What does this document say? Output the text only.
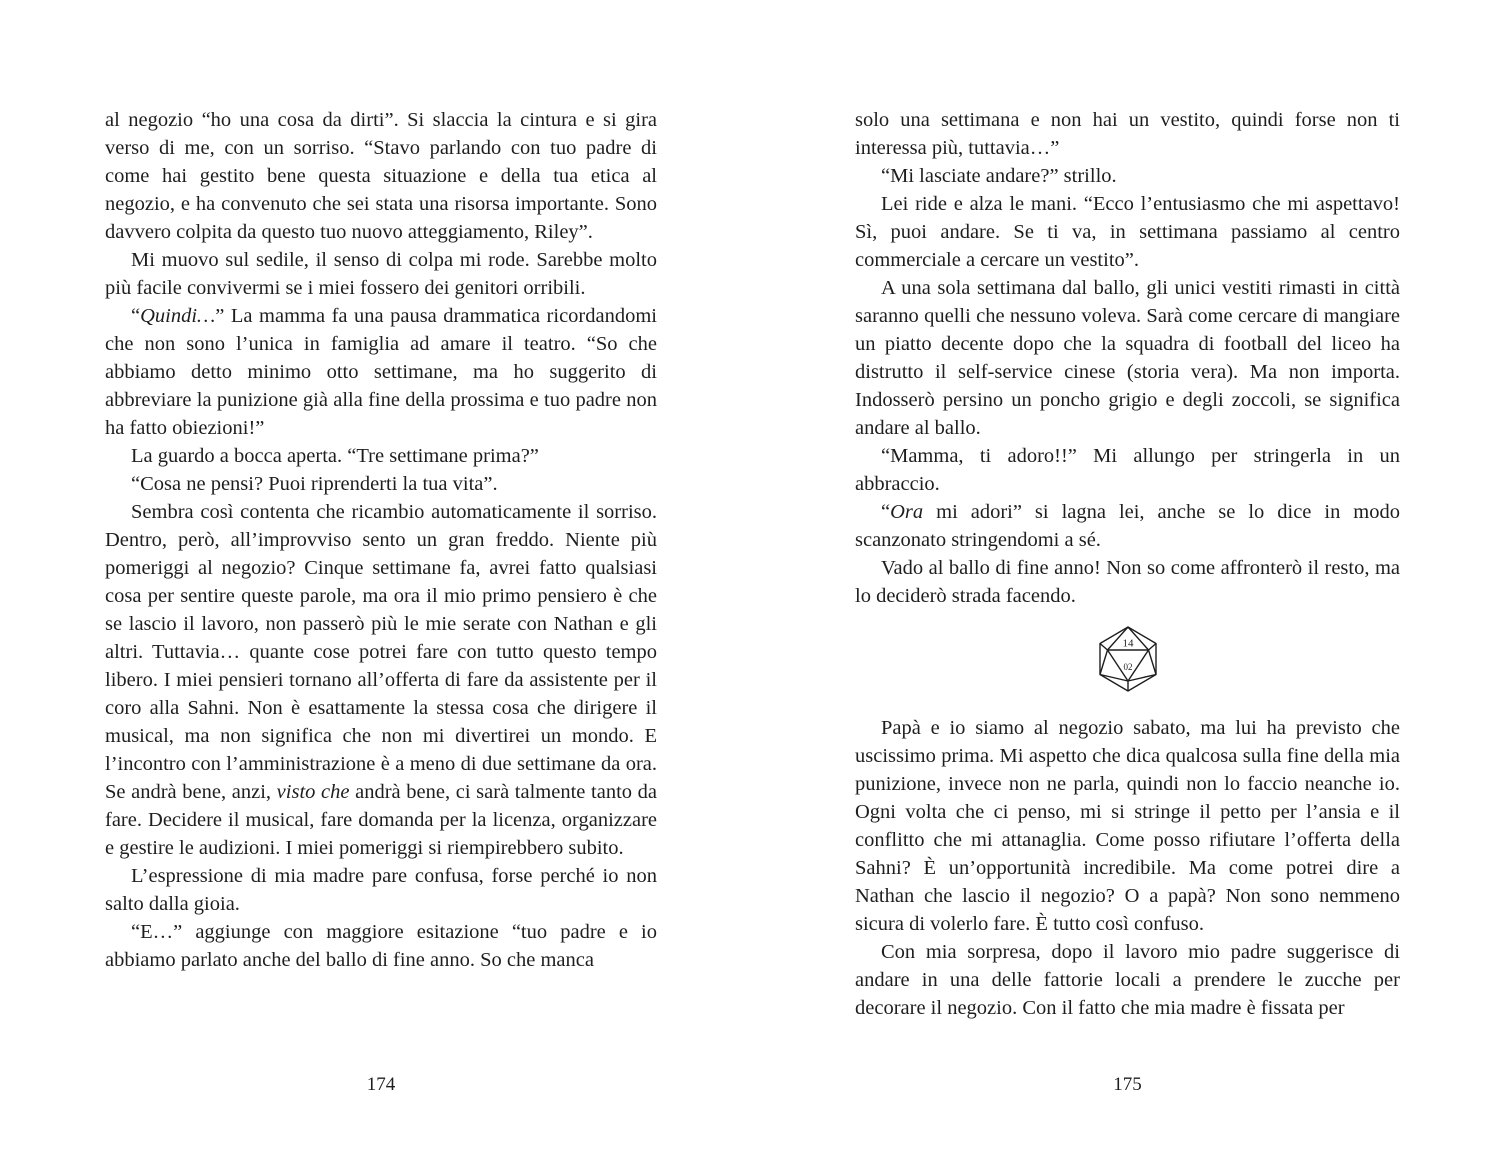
al negozio “ho una cosa da dirti”. Si slaccia la cintura e si gira verso di me, con un sorriso. “Stavo parlando con tuo padre di come hai gestito bene questa situazione e della tua etica al negozio, e ha convenuto che sei stata una risorsa importante. Sono davvero colpita da questo tuo nuovo atteggiamento, Riley”.

Mi muovo sul sedile, il senso di colpa mi rode. Sarebbe molto più facile convivermi se i miei fossero dei genitori orribili.

“Quindi…” La mamma fa una pausa drammatica ricordandomi che non sono l’unica in famiglia ad amare il teatro. “So che abbiamo detto minimo otto settimane, ma ho suggerito di abbreviare la punizione già alla fine della prossima e tuo padre non ha fatto obiezioni!”

La guardo a bocca aperta. “Tre settimane prima?”

“Cosa ne pensi? Puoi riprenderti la tua vita”.

Sembra così contenta che ricambio automaticamente il sorriso. Dentro, però, all’improvviso sento un gran freddo. Niente più pomeriggi al negozio? Cinque settimane fa, avrei fatto qualsiasi cosa per sentire queste parole, ma ora il mio primo pensiero è che se lascio il lavoro, non passerò più le mie serate con Nathan e gli altri. Tuttavia… quante cose potrei fare con tutto questo tempo libero. I miei pensieri tornano all’offerta di fare da assistente per il coro alla Sahni. Non è esattamente la stessa cosa che dirigere il musical, ma non significa che non mi divertirei un mondo. E l’incontro con l’amministrazione è a meno di due settimane da ora. Se andrà bene, anzi, visto che andrà bene, ci sarà talmente tanto da fare. Decidere il musical, fare domanda per la licenza, organizzare e gestire le audizioni. I miei pomeriggi si riempirebbero subito.

L’espressione di mia madre pare confusa, forse perché io non salto dalla gioia.

“E…” aggiunge con maggiore esitazione “tuo padre e io abbiamo parlato anche del ballo di fine anno. So che manca

solo una settimana e non hai un vestito, quindi forse non ti interessa più, tuttavia…”

“Mi lasciate andare?” strillo.

Lei ride e alza le mani. “Ecco l’entusiasmo che mi aspettavo! Sì, puoi andare. Se ti va, in settimana passiamo al centro commerciale a cercare un vestito”.

A una sola settimana dal ballo, gli unici vestiti rimasti in città saranno quelli che nessuno voleva. Sarà come cercare di mangiare un piatto decente dopo che la squadra di football del liceo ha distrutto il self-service cinese (storia vera). Ma non importa. Indosserò persino un poncho grigio e degli zoccoli, se significa andare al ballo.

“Mamma, ti adoro!!” Mi allungo per stringerla in un abbraccio.

“Ora mi adori” si lagna lei, anche se lo dice in modo scanzonato stringendomi a sé.

Vado al ballo di fine anno! Non so come affronterò il resto, ma lo deciderò strada facendo.

14
02

Papà e io siamo al negozio sabato, ma lui ha previsto che uscissimo prima. Mi aspetto che dica qualcosa sulla fine della mia punizione, invece non ne parla, quindi non lo faccio neanche io. Ogni volta che ci penso, mi si stringe il petto per l’ansia e il conflitto che mi attanaglia. Come posso rifiutare l’offerta della Sahni? È un’opportunità incredibile. Ma come potrei dire a Nathan che lascio il negozio? O a papà? Non sono nemmeno sicura di volerlo fare. È tutto così confuso.

Con mia sorpresa, dopo il lavoro mio padre suggerisce di andare in una delle fattorie locali a prendere le zucche per decorare il negozio. Con il fatto che mia madre è fissata per

174	175
